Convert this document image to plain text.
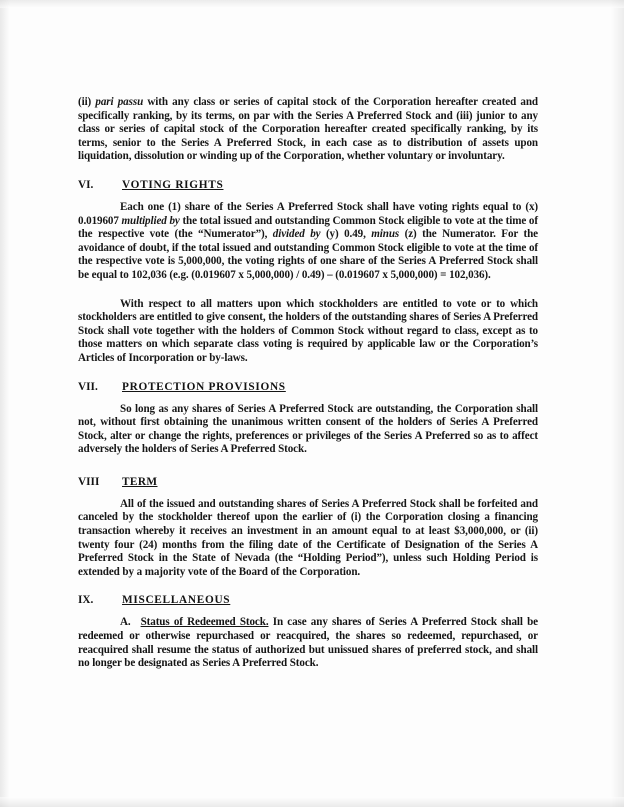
(ii) pari passu with any class or series of capital stock of the Corporation hereafter created and specifically ranking, by its terms, on par with the Series A Preferred Stock and (iii) junior to any class or series of capital stock of the Corporation hereafter created specifically ranking, by its terms, senior to the Series A Preferred Stock, in each case as to distribution of assets upon liquidation, dissolution or winding up of the Corporation, whether voluntary or involuntary.

VI.	VOTING RIGHTS

Each one (1) share of the Series A Preferred Stock shall have voting rights equal to (x) 0.019607 multiplied by the total issued and outstanding Common Stock eligible to vote at the time of the respective vote (the “Numerator”), divided by (y) 0.49, minus (z) the Numerator. For the avoidance of doubt, if the total issued and outstanding Common Stock eligible to vote at the time of the respective vote is 5,000,000, the voting rights of one share of the Series A Preferred Stock shall be equal to 102,036 (e.g. (0.019607 x 5,000,000) / 0.49) – (0.019607 x 5,000,000) = 102,036).

With respect to all matters upon which stockholders are entitled to vote or to which stockholders are entitled to give consent, the holders of the outstanding shares of Series A Preferred Stock shall vote together with the holders of Common Stock without regard to class, except as to those matters on which separate class voting is required by applicable law or the Corporation’s Articles of Incorporation or by-laws.

VII.	PROTECTION PROVISIONS

So long as any shares of Series A Preferred Stock are outstanding, the Corporation shall not, without first obtaining the unanimous written consent of the holders of Series A Preferred Stock, alter or change the rights, preferences or privileges of the Series A Preferred so as to affect adversely the holders of Series A Preferred Stock.

VIII	TERM

All of the issued and outstanding shares of Series A Preferred Stock shall be forfeited and canceled by the stockholder thereof upon the earlier of (i) the Corporation closing a financing transaction whereby it receives an investment in an amount equal to at least $3,000,000, or (ii) twenty four (24) months from the filing date of the Certificate of Designation of the Series A Preferred Stock in the State of Nevada (the “Holding Period”), unless such Holding Period is extended by a majority vote of the Board of the Corporation.

IX.	MISCELLANEOUS

A. Status of Redeemed Stock. In case any shares of Series A Preferred Stock shall be redeemed or otherwise repurchased or reacquired, the shares so redeemed, repurchased, or reacquired shall resume the status of authorized but unissued shares of preferred stock, and shall no longer be designated as Series A Preferred Stock.
